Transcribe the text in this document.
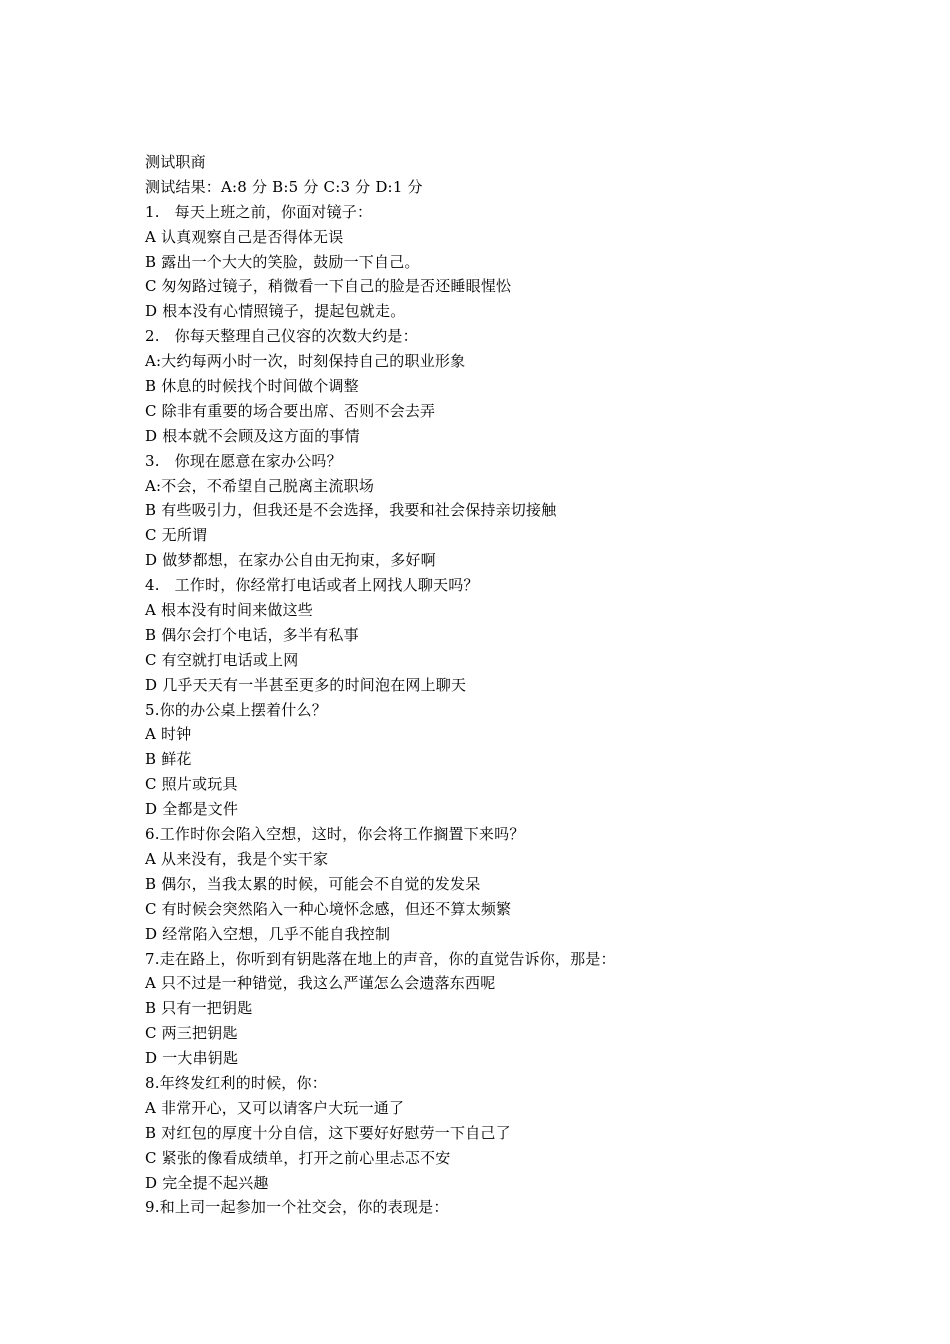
测试职商
测试结果：A:8 分 B:5 分 C:3 分 D:1 分
1.   每天上班之前，你面对镜子：
A 认真观察自己是否得体无误
B 露出一个大大的笑脸，鼓励一下自己。
C 匆匆路过镜子，稍微看一下自己的脸是否还睡眼惺忪
D 根本没有心情照镜子，提起包就走。
2.   你每天整理自己仪容的次数大约是：
A:大约每两小时一次，时刻保持自己的职业形象
B 休息的时候找个时间做个调整
C 除非有重要的场合要出席、否则不会去弄
D 根本就不会顾及这方面的事情
3.   你现在愿意在家办公吗？
A:不会，不希望自己脱离主流职场
B 有些吸引力，但我还是不会选择，我要和社会保持亲切接触
C 无所谓
D 做梦都想，在家办公自由无拘束，多好啊
4.   工作时，你经常打电话或者上网找人聊天吗？
A 根本没有时间来做这些
B 偶尔会打个电话，多半有私事
C 有空就打电话或上网
D 几乎天天有一半甚至更多的时间泡在网上聊天
5.你的办公桌上摆着什么？
A 时钟
B 鲜花
C 照片或玩具
D 全都是文件
6.工作时你会陷入空想，这时，你会将工作搁置下来吗？
A 从来没有，我是个实干家
B 偶尔，当我太累的时候，可能会不自觉的发发呆
C 有时候会突然陷入一种心境怀念感，但还不算太频繁
D 经常陷入空想，几乎不能自我控制
7.走在路上，你听到有钥匙落在地上的声音，你的直觉告诉你，那是：
A 只不过是一种错觉，我这么严谨怎么会遗落东西呢
B 只有一把钥匙
C 两三把钥匙
D 一大串钥匙
8.年终发红利的时候，你：
A 非常开心，又可以请客户大玩一通了
B 对红包的厚度十分自信，这下要好好慰劳一下自己了
C 紧张的像看成绩单，打开之前心里忐忑不安
D 完全提不起兴趣
9.和上司一起参加一个社交会，你的表现是：
